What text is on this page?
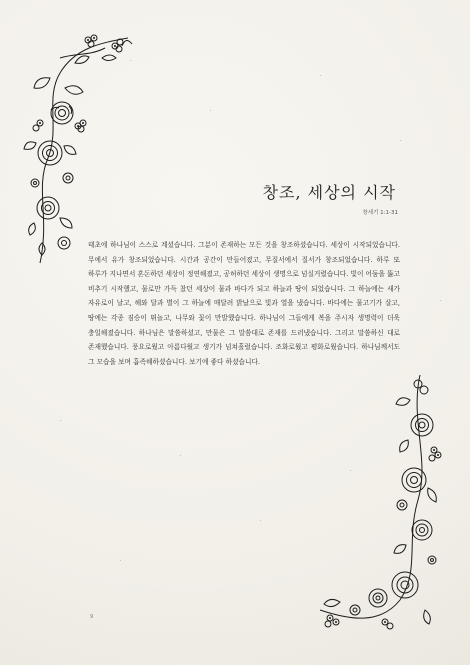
창조, 세상의 시작
창세기 1:1-31

태초에 하나님이 스스로 계셨습니다. 그분이 존재하는 모든 것을 창조하셨습니다. 세상이 시작되었습니다. 무에서 유가 창조되었습니다. 시간과 공간이 만들어졌고, 무질서에서 질서가 창조되었습니다. 하루 또 하루가 지나면서 혼돈하던 세상이 정연해졌고, 공허하던 세상이 생명으로 넘실거렸습니다. 빛이 어둠을 뚫고 비추기 시작했고, 물로만 가득 찼던 세상이 물과 바다가 되고 하늘과 땅이 되었습니다. 그 하늘에는 새가 자유로이 날고, 해와 달과 별이 그 하늘에 매달려 밝났으로 빛과 열을 냈습니다. 바다에는 물고기가 살고, 땅에는 각종 짐승이 뛰놀고, 나무와 꽃이 만발했습니다. 하나님이 그들에게 복을 주시자 생명력이 더욱 충일해졌습니다. 하나님은 말씀하셨고, 만물은 그 말씀대로 존재를 드러냈습니다. 그리고 말씀하신 대로 존재했습니다. 풍요로웠고 아름다웠고 생기가 넘쳐흘렀습니다. 조화로웠고 평화로웠습니다. 하나님께서도 그 모습을 보며 흡족해하셨습니다. 보기에 좋다 하셨습니다.

9
